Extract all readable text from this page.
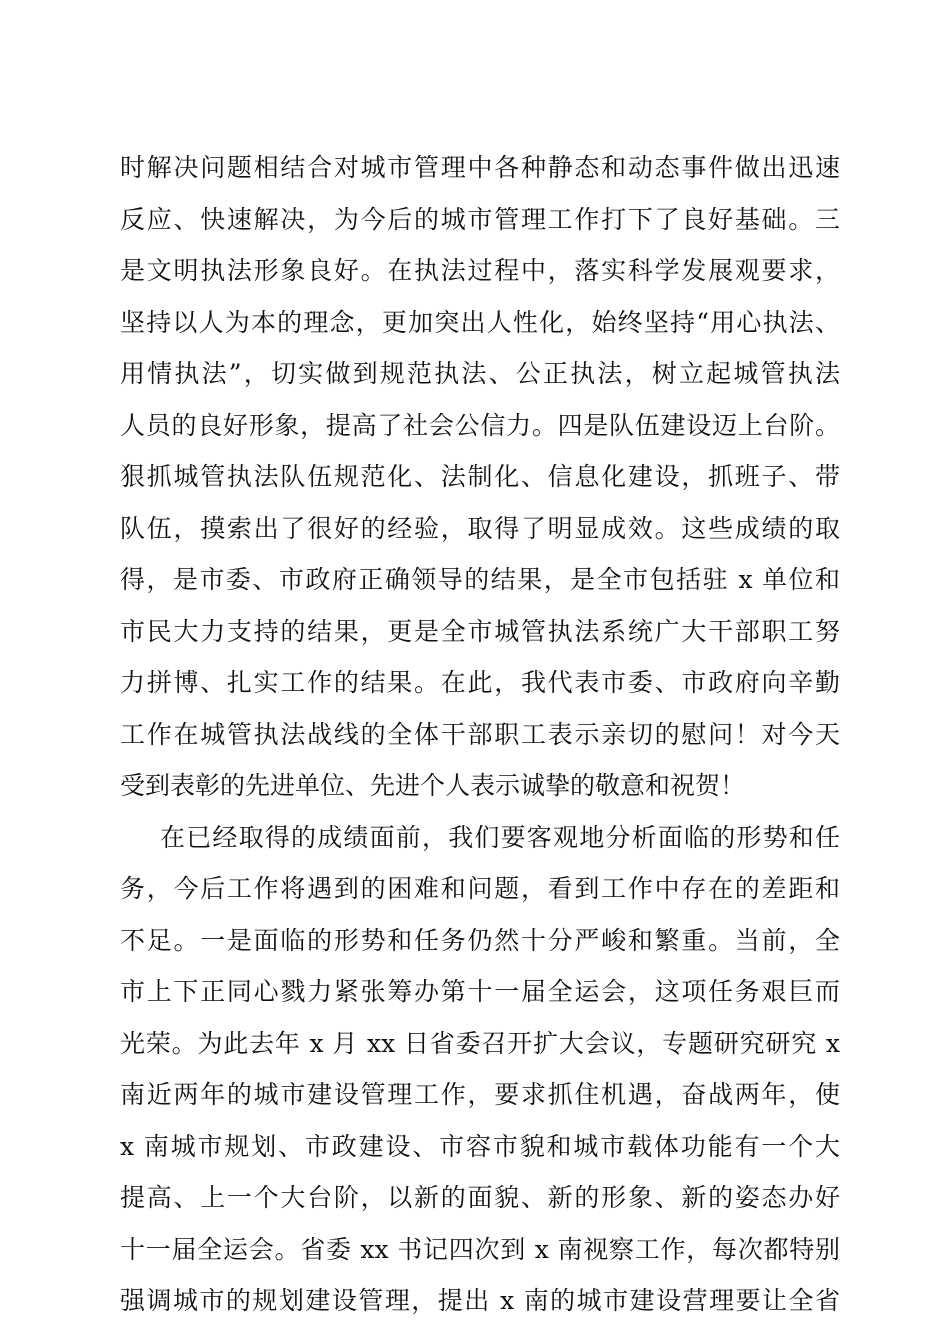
时解决问题相结合对城市管理中各种静态和动态事件做出迅速
反应、快速解决，为今后的城市管理工作打下了良好基础。三
是文明执法形象良好。在执法过程中，落实科学发展观要求，
坚持以人为本的理念，更加突出人性化，始终坚持“用心执法、
用情执法”，切实做到规范执法、公正执法，树立起城管执法
人员的良好形象，提高了社会公信力。四是队伍建设迈上台阶。
狠抓城管执法队伍规范化、法制化、信息化建设，抓班子、带
队伍，摸索出了很好的经验，取得了明显成效。这些成绩的取
得，是市委、市政府正确领导的结果，是全市包括驻 x 单位和
市民大力支持的结果，更是全市城管执法系统广大干部职工努
力拼博、扎实工作的结果。在此，我代表市委、市政府向辛勤
工作在城管执法战线的全体干部职工表示亲切的慰问！对今天
受到表彰的先进单位、先进个人表示诚挚的敬意和祝贺！
在已经取得的成绩面前，我们要客观地分析面临的形势和任
务，今后工作将遇到的困难和问题，看到工作中存在的差距和
不足。一是面临的形势和任务仍然十分严峻和繁重。当前，全
市上下正同心戮力紧张筹办第十一届全运会，这项任务艰巨而
光荣。为此去年 x 月 xx 日省委召开扩大会议，专题研究研究 x
南近两年的城市建设管理工作，要求抓住机遇，奋战两年，使
x 南城市规划、市政建设、市容市貌和城市载体功能有一个大
提高、上一个大台阶，以新的面貌、新的形象、新的姿态办好
十一届全运会。省委 xx 书记四次到 x 南视察工作，每次都特别
强调城市的规划建设管理，提出 x 南的城市建设营理要让全省
